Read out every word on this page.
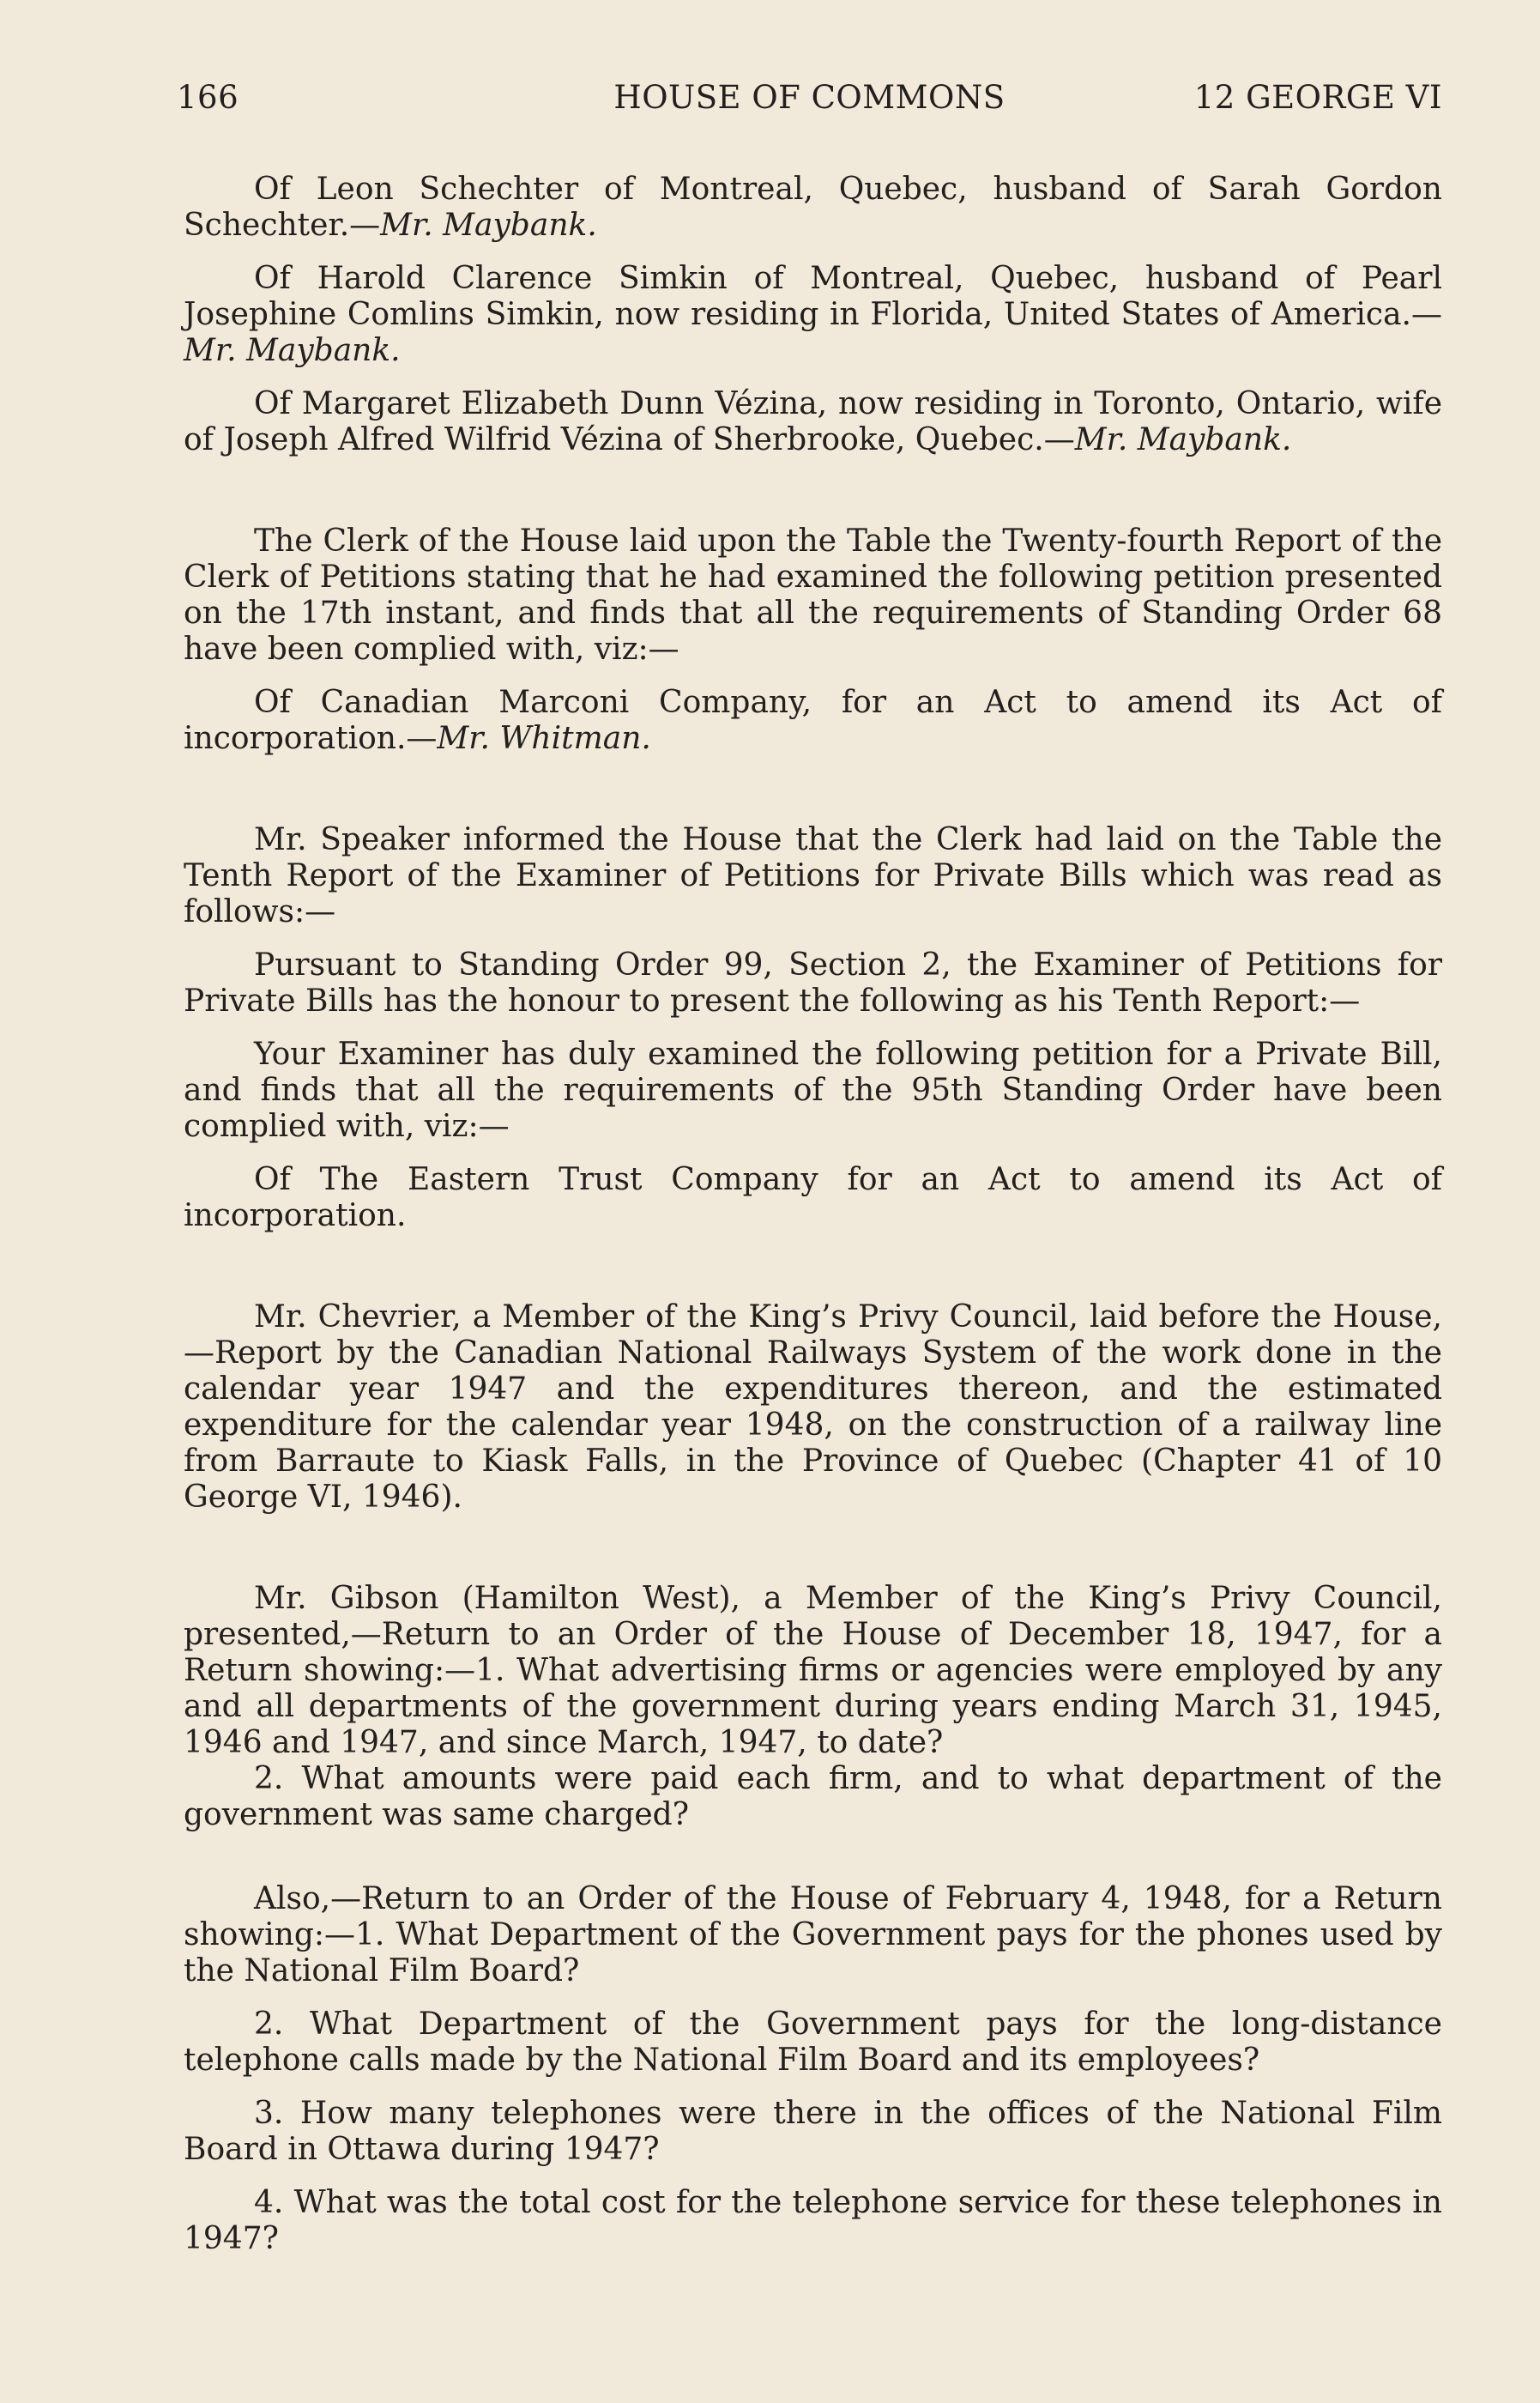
166	HOUSE OF COMMONS	12 GEORGE VI

Of Leon Schechter of Montreal, Quebec, husband of Sarah Gordon Schechter.—Mr. Maybank.

Of Harold Clarence Simkin of Montreal, Quebec, husband of Pearl Josephine Comlins Simkin, now residing in Florida, United States of America.— Mr. Maybank.

Of Margaret Elizabeth Dunn Vézina, now residing in Toronto, Ontario, wife of Joseph Alfred Wilfrid Vézina of Sherbrooke, Quebec.—Mr. Maybank.

The Clerk of the House laid upon the Table the Twenty-fourth Report of the Clerk of Petitions stating that he had examined the following petition presented on the 17th instant, and finds that all the requirements of Standing Order 68 have been complied with, viz:—

Of Canadian Marconi Company, for an Act to amend its Act of incorporation.—Mr. Whitman.

Mr. Speaker informed the House that the Clerk had laid on the Table the Tenth Report of the Examiner of Petitions for Private Bills which was read as follows:—

Pursuant to Standing Order 99, Section 2, the Examiner of Petitions for Private Bills has the honour to present the following as his Tenth Report:—

Your Examiner has duly examined the following petition for a Private Bill, and finds that all the requirements of the 95th Standing Order have been complied with, viz:—

Of The Eastern Trust Company for an Act to amend its Act of incorporation.

Mr. Chevrier, a Member of the King’s Privy Council, laid before the House,—Report by the Canadian National Railways System of the work done in the calendar year 1947 and the expenditures thereon, and the estimated expenditure for the calendar year 1948, on the construction of a railway line from Barraute to Kiask Falls, in the Province of Quebec (Chapter 41 of 10 George VI, 1946).

Mr. Gibson (Hamilton West), a Member of the King’s Privy Council, presented,—Return to an Order of the House of December 18, 1947, for a Return showing:—1. What advertising firms or agencies were employed by any and all departments of the government during years ending March 31, 1945, 1946 and 1947, and since March, 1947, to date?

2. What amounts were paid each firm, and to what department of the government was same charged?

Also,—Return to an Order of the House of February 4, 1948, for a Return showing:—1. What Department of the Government pays for the phones used by the National Film Board?

2. What Department of the Government pays for the long-distance telephone calls made by the National Film Board and its employees?

3. How many telephones were there in the offices of the National Film Board in Ottawa during 1947?

4. What was the total cost for the telephone service for these telephones in 1947?
